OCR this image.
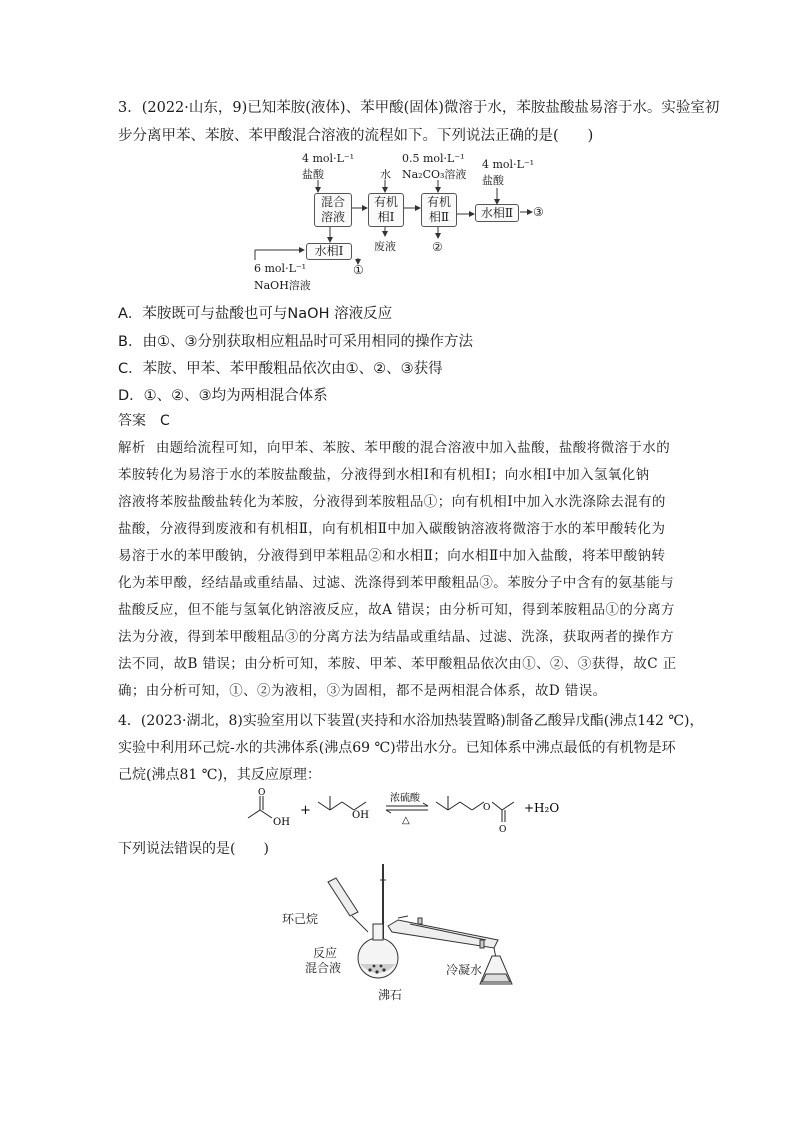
3．(2022·山东，9)已知苯胺(液体)、苯甲酸(固体)微溶于水，苯胺盐酸盐易溶于水。实验室初
步分离甲苯、苯胺、苯甲酸混合溶液的流程如下。下列说法正确的是(　　)
4 mol·L⁻¹
盐酸	水
0.5 mol·L⁻¹
Na₂CO₃溶液
4 mol·L⁻¹
盐酸
混合
溶液
有机
相Ⅰ
有机
相Ⅱ	水相Ⅱ	③
废液	②
水相Ⅰ
①
6 mol·L⁻¹
NaOH溶液
A．苯胺既可与盐酸也可与NaOH 溶液反应
B．由①、③分别获取相应粗品时可采用相同的操作方法
C．苯胺、甲苯、苯甲酸粗品依次由①、②、③获得
D．①、②、③均为两相混合体系
答案 C
解析 由题给流程可知，向甲苯、苯胺、苯甲酸的混合溶液中加入盐酸，盐酸将微溶于水的
苯胺转化为易溶于水的苯胺盐酸盐，分液得到水相Ⅰ和有机相Ⅰ；向水相Ⅰ中加入氢氧化钠
溶液将苯胺盐酸盐转化为苯胺，分液得到苯胺粗品①；向有机相Ⅰ中加入水洗涤除去混有的
盐酸，分液得到废液和有机相Ⅱ，向有机相Ⅱ中加入碳酸钠溶液将微溶于水的苯甲酸转化为
易溶于水的苯甲酸钠，分液得到甲苯粗品②和水相Ⅱ；向水相Ⅱ中加入盐酸，将苯甲酸钠转
化为苯甲酸，经结晶或重结晶、过滤、洗涤得到苯甲酸粗品③。苯胺分子中含有的氨基能与
盐酸反应，但不能与氢氧化钠溶液反应，故A 错误；由分析可知，得到苯胺粗品①的分离方
法为分液，得到苯甲酸粗品③的分离方法为结晶或重结晶、过滤、洗涤，获取两者的操作方
法不同，故B 错误；由分析可知，苯胺、甲苯、苯甲酸粗品依次由①、②、③获得，故C 正
确；由分析可知，①、②为液相，③为固相，都不是两相混合体系，故D 错误。
4．(2023·湖北，8)实验室用以下装置(夹持和水浴加热装置略)制备乙酸异戊酯(沸点142 ℃)，
实验中利用环己烷-水的共沸体系(沸点69 ℃)带出水分。已知体系中沸点最低的有机物是环
己烷(沸点81 ℃)，其反应原理：
O
OH
+	OH
浓硫酸
△
O
O
+H₂O
下列说法错误的是(　　)
环己烷
反应
混合液
沸石
冷凝水
